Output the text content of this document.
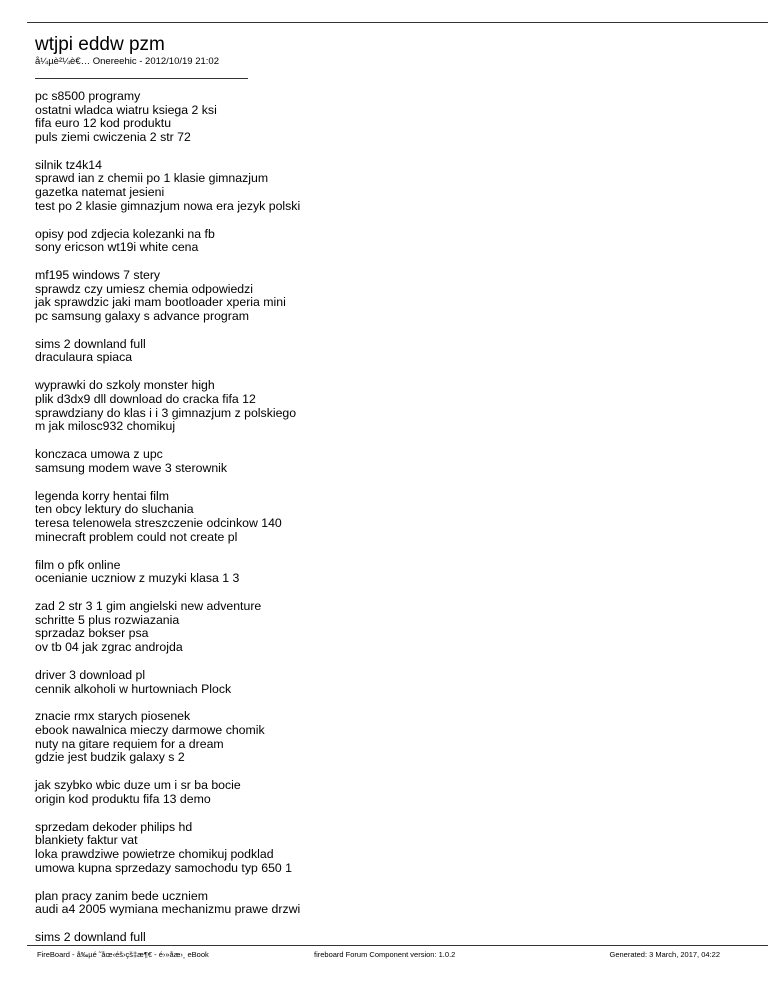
wtjpi eddw pzm
å¼µè²¼è€… Onereehic - 2012/10/19 21:02
pc s8500 programy
ostatni wladca wiatru ksiega 2 ksi
fifa euro 12 kod produktu
puls ziemi cwiczenia 2 str 72
silnik tz4k14
sprawd ian z chemii po 1 klasie gimnazjum
gazetka natemat jesieni
test po 2 klasie gimnazjum nowa era jezyk polski
opisy pod zdjecia kolezanki na fb
sony ericson wt19i white cena
mf195 windows 7 stery
sprawdz czy umiesz chemia odpowiedzi
jak sprawdzic jaki mam bootloader xperia mini
pc samsung galaxy s advance program
sims 2 downland full
draculaura spiaca
wyprawki do szkoly monster high
plik d3dx9 dll download do cracka fifa 12
sprawdziany do klas i i 3 gimnazjum z polskiego
m jak milosc932 chomikuj
konczaca umowa z upc
samsung modem wave 3 sterownik
legenda korry hentai film
ten obcy lektury do sluchania
teresa telenowela streszczenie odcinkow 140
minecraft problem could not create pl
film o pfk online
ocenianie uczniow z muzyki klasa 1 3
zad 2 str 3 1 gim angielski new adventure
schritte 5 plus rozwiazania
sprzadaz bokser psa
ov tb 04 jak zgrac androjda
driver 3 download pl
cennik alkoholi w hurtowniach Plock
znacie rmx starych piosenek
ebook nawalnica mieczy darmowe chomik
nuty na gitare requiem for a dream
gdzie jest budzik galaxy s 2
jak szybko wbic duze um i sr ba bocie
origin kod produktu fifa 13 demo
sprzedam dekoder philips hd
blankiety faktur vat
loka prawdziwe powietrze chomikuj podklad
umowa kupna sprzedazy samochodu typ 650 1
plan pracy zanim bede uczniem
audi a4 2005 wymiana mechanizmu prawe drzwi
sims 2 downland full
FireBoard - å‰µé ˜åœ‹éš›çš‡æ¶€ - é›»åæ›¸ eBook	fireboard Forum Component version: 1.0.2	Generated: 3 March, 2017, 04:22
